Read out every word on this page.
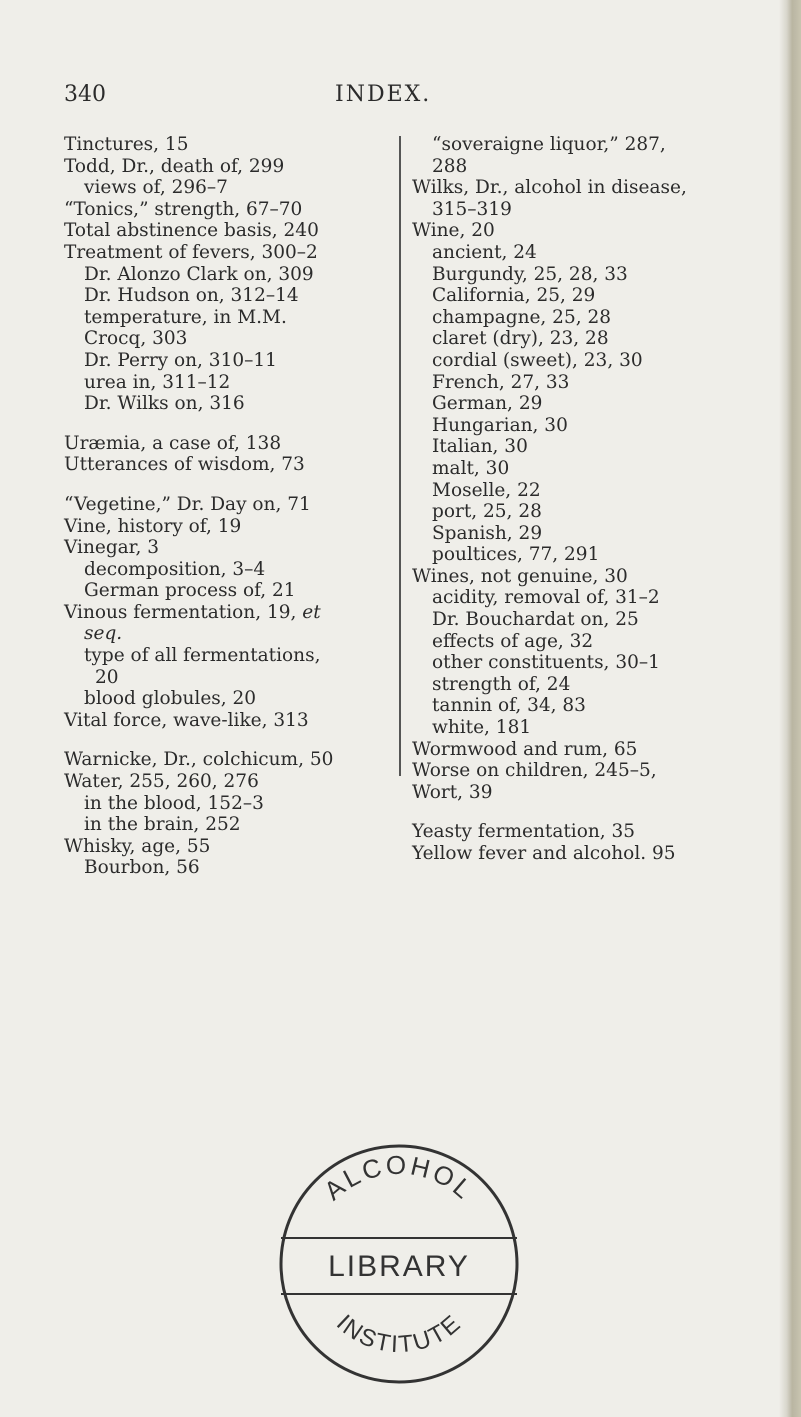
340	INDEX.
Tinctures, 15
Todd, Dr., death of, 299
views of, 296–7
“Tonics,” strength, 67–70
Total abstinence basis, 240
Treatment of fevers, 300–2
Dr. Alonzo Clark on, 309
Dr. Hudson on, 312–14
temperature, in M.M.
Crocq, 303
Dr. Perry on, 310–11
urea in, 311–12
Dr. Wilks on, 316
Uræmia, a case of, 138
Utterances of wisdom, 73
“Vegetine,” Dr. Day on, 71
Vine, history of, 19
Vinegar, 3
decomposition, 3–4
German process of, 21
Vinous fermentation, 19, et
seq.
type of all fermentations,
20
blood globules, 20
Vital force, wave-like, 313
Warnicke, Dr., colchicum, 50
Water, 255, 260, 276
in the blood, 152–3
in the brain, 252
Whisky, age, 55
Bourbon, 56
“soveraigne liquor,” 287,
288
Wilks, Dr., alcohol in disease,
315–319
Wine, 20
ancient, 24
Burgundy, 25, 28, 33
California, 25, 29
champagne, 25, 28
claret (dry), 23, 28
cordial (sweet), 23, 30
French, 27, 33
German, 29
Hungarian, 30
Italian, 30
malt, 30
Moselle, 22
port, 25, 28
Spanish, 29
poultices, 77, 291
Wines, not genuine, 30
acidity, removal of, 31–2
Dr. Bouchardat on, 25
effects of age, 32
other constituents, 30–1
strength of, 24
tannin of, 34, 83
white, 181
Wormwood and rum, 65
Worse on children, 245–5,
Wort, 39
Yeasty fermentation, 35
Yellow fever and alcohol. 95
ALCOHOL
LIBRARY
INSTITUTE
